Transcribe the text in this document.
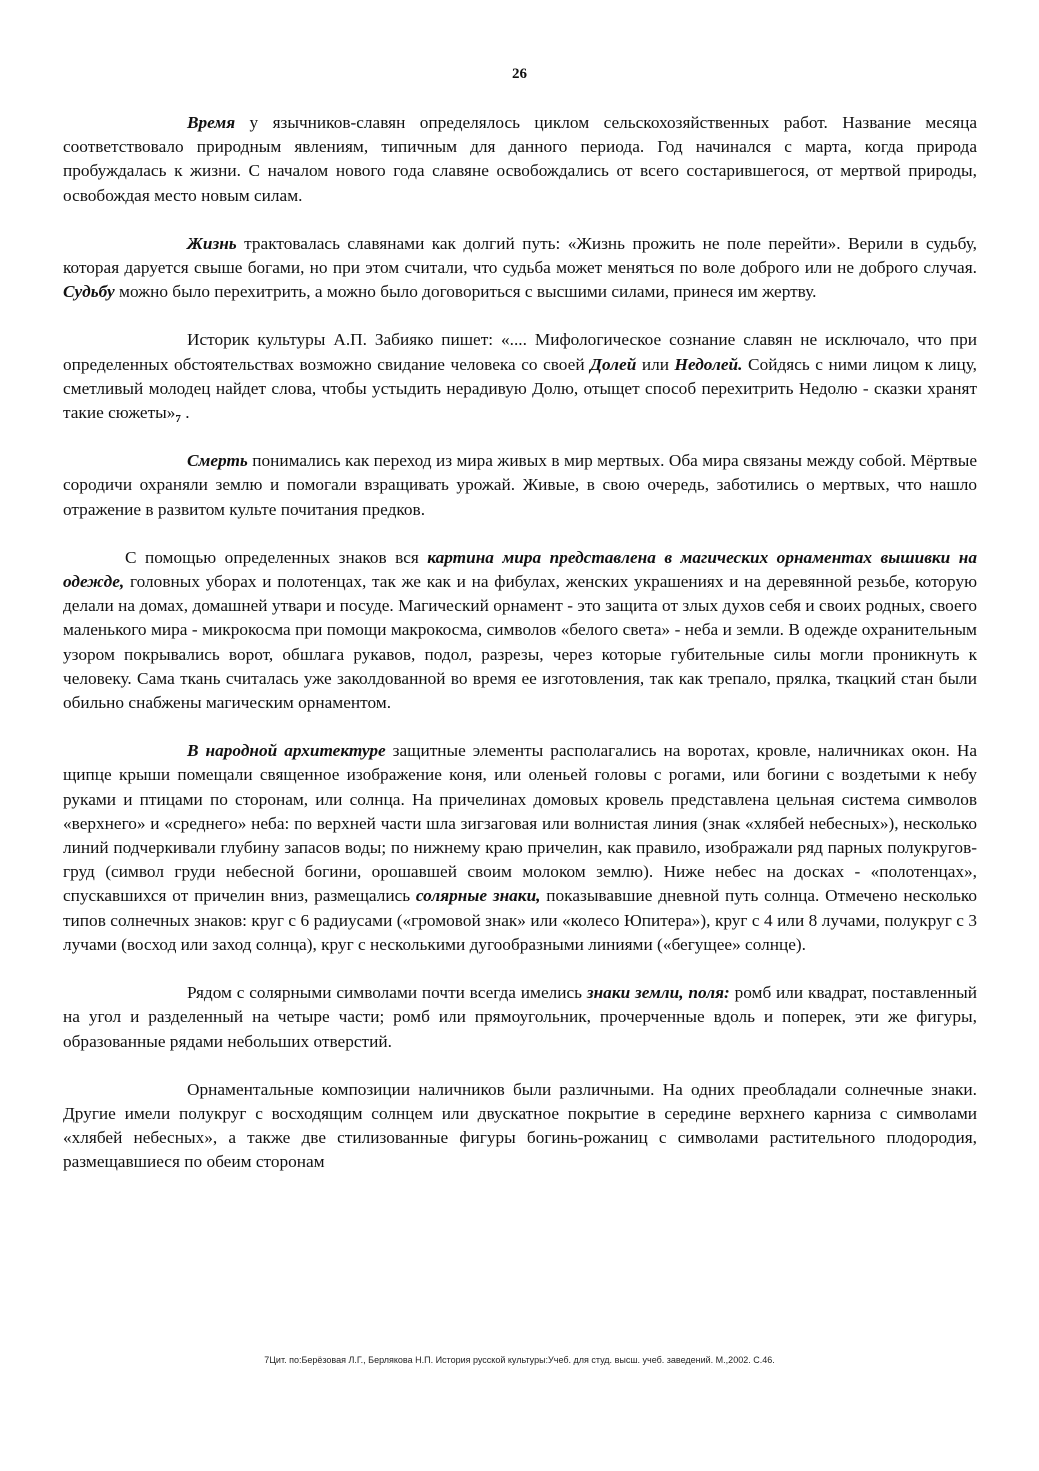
26

Время у язычников-славян определялось циклом сельскохозяйственных работ. Название месяца соответствовало природным явлениям, типичным для данного периода. Год начинался с марта, когда природа пробуждалась к жизни. С началом нового года славяне освобождались от всего состарившегося, от мертвой природы, освобождая место новым силам.

Жизнь трактовалась славянами как долгий путь: «Жизнь прожить не поле перейти». Верили в судьбу, которая даруется свыше богами, но при этом считали, что судьба может меняться по воле доброго или не доброго случая. Судьбу можно было перехитрить, а можно было договориться с высшими силами, принеся им жертву.

Историк культуры А.П. Забияко пишет: «.... Мифологическое сознание славян не исключало, что при определенных обстоятельствах возможно свидание человека со своей Долей или Недолей. Сойдясь с ними лицом к лицу, сметливый молодец найдет слова, чтобы устыдить нерадивую Долю, отыщет способ перехитрить Недолю - сказки хранят такие сюжеты»$^7$ .

Смерть понимались как переход из мира живых в мир мертвых. Оба мира связаны между собой. Мёртвые сородичи охраняли землю и помогали взращивать урожай. Живые, в свою очередь, заботились о мертвых, что нашло отражение в развитом культе почитания предков.

С помощью определенных знаков вся картина мира представлена в магических орнаментах вышивки на одежде, головных уборах и полотенцах, так же как и на фибулах, женских украшениях и на деревянной резьбе, которую делали на домах, домашней утвари и посуде. Магический орнамент - это защита от злых духов себя и своих родных, своего маленького мира - микрокосма при помощи макрокосма, символов «белого света» - неба и земли. В одежде охранительным узором покрывались ворот, обшлага рукавов, подол, разрезы, через которые губительные силы могли проникнуть к человеку. Сама ткань считалась уже заколдованной во время ее изготовления, так как трепало, прялка, ткацкий стан были обильно снабжены магическим орнаментом.

В народной архитектуре защитные элементы располагались на воротах, кровле, наличниках окон. На щипце крыши помещали священное изображение коня, или оленьей головы с рогами, или богини с воздетыми к небу руками и птицами по сторонам, или солнца. На причелинах домовых кровель представлена цельная система символов «верхнего» и «среднего» неба: по верхней части шла зигзаговая или волнистая линия (знак «хлябей небесных»), несколько линий подчеркивали глубину запасов воды; по нижнему краю причелин, как правило, изображали ряд парных полукругов-груд (символ груди небесной богини, орошавшей своим молоком землю). Ниже небес на досках - «полотенцах», спускавшихся от причелин вниз, размещались солярные знаки, показывавшие дневной путь солнца. Отмечено несколько типов солнечных знаков: круг с 6 радиусами («громовой знак» или «колесо Юпитера»), круг с 4 или 8 лучами, полукруг с 3 лучами (восход или заход солнца), круг с несколькими дугообразными линиями («бегущее» солнце).

Рядом с солярными символами почти всегда имелись знаки земли, поля: ромб или квадрат, поставленный на угол и разделенный на четыре части; ромб или прямоугольник, прочерченные вдоль и поперек, эти же фигуры, образованные рядами небольших отверстий.

Орнаментальные композиции наличников были различными. На одних преобладали солнечные знаки. Другие имели полукруг с восходящим солнцем или двускатное покрытие в середине верхнего карниза с символами «хлябей небесных», а также две стилизованные фигуры богинь-рожаниц с символами растительного плодородия, размещавшиеся по обеим сторонам

7Цит. по:Берёзовая Л.Г., Берлякова Н.П. История русской культуры:Учеб. для студ. высш. учеб. заведений. М.,2002. С.46.
